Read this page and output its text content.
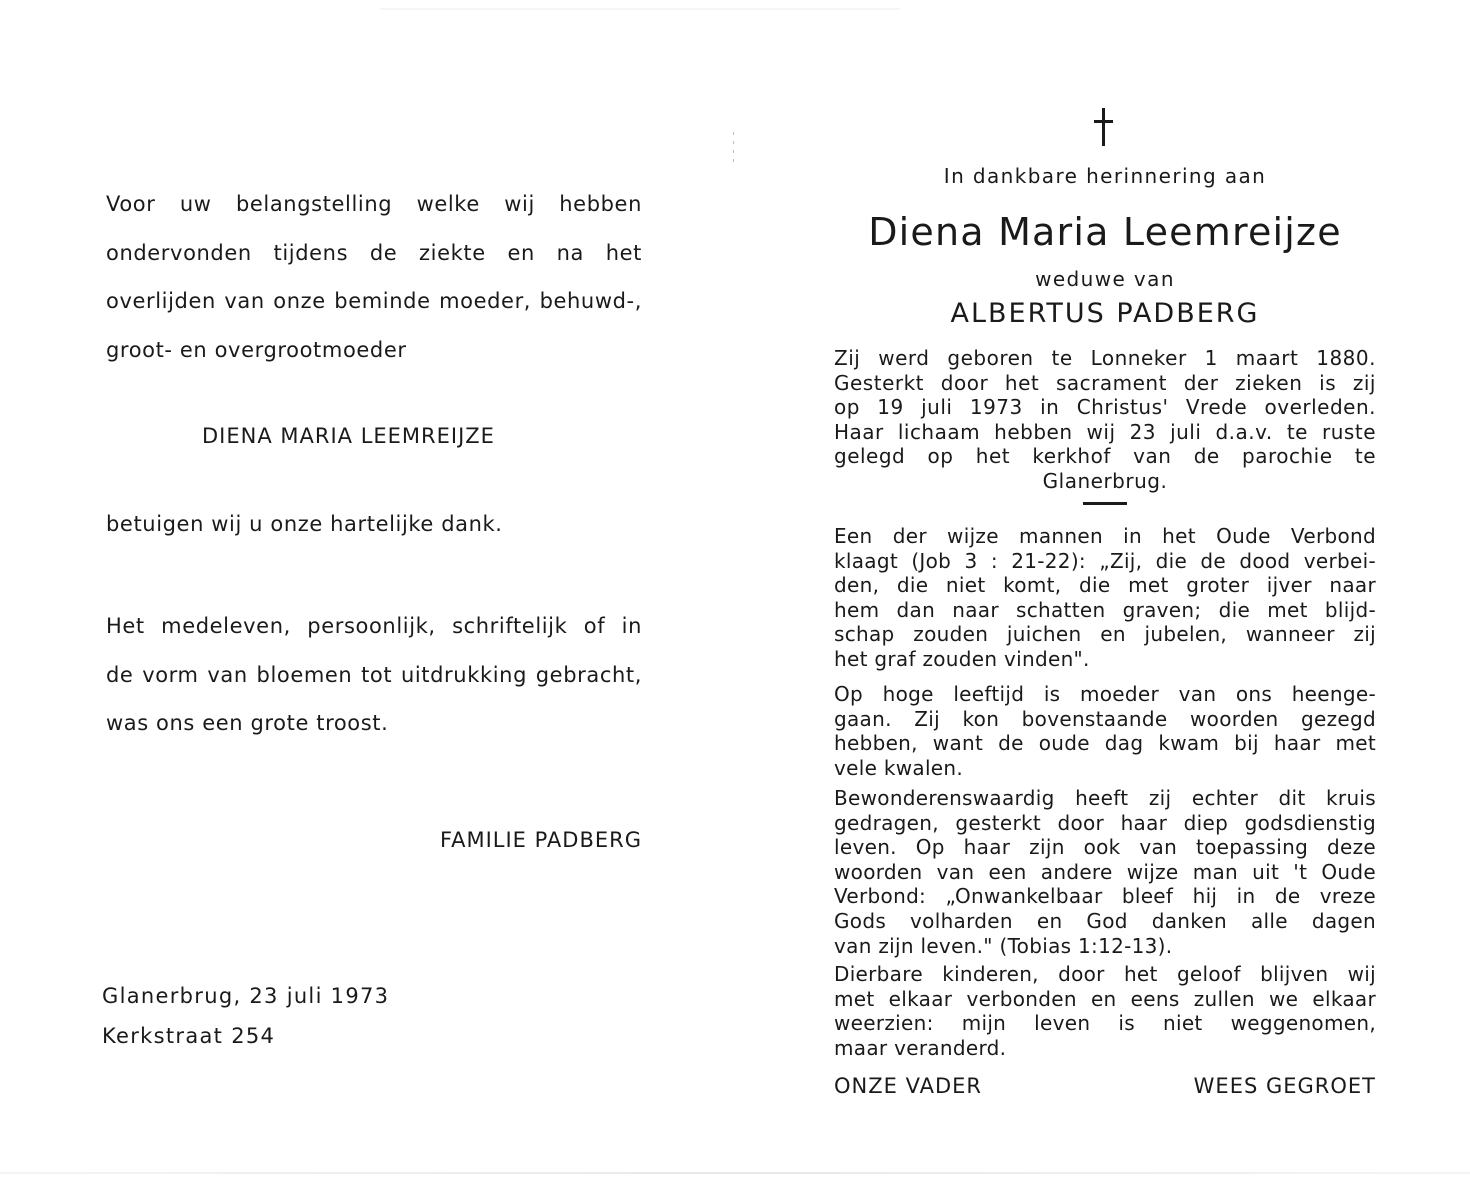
Voor uw belangstelling welke wij hebben
ondervonden tijdens de ziekte en na het
overlijden van onze beminde moeder, behuwd-,
groot- en overgrootmoeder
DIENA MARIA LEEMREIJZE
betuigen wij u onze hartelijke dank.
Het medeleven, persoonlijk, schriftelijk of in
de vorm van bloemen tot uitdrukking gebracht,
was ons een grote troost.
FAMILIE PADBERG
Glanerbrug, 23 juli 1973
Kerkstraat 254
In dankbare herinnering aan
Diena Maria Leemreijze
weduwe van
ALBERTUS PADBERG
Zij werd geboren te Lonneker 1 maart 1880.
Gesterkt door het sacrament der zieken is zij
op 19 juli 1973 in Christus' Vrede overleden.
Haar lichaam hebben wij 23 juli d.a.v. te ruste
gelegd op het kerkhof van de parochie te
Glanerbrug.
Een der wijze mannen in het Oude Verbond
klaagt (Job 3 : 21-22): „Zij, die de dood verbei-
den, die niet komt, die met groter ijver naar
hem dan naar schatten graven; die met blijd-
schap zouden juichen en jubelen, wanneer zij
het graf zouden vinden".
Op hoge leeftijd is moeder van ons heenge-
gaan. Zij kon bovenstaande woorden gezegd
hebben, want de oude dag kwam bij haar met
vele kwalen.
Bewonderenswaardig heeft zij echter dit kruis
gedragen, gesterkt door haar diep godsdienstig
leven. Op haar zijn ook van toepassing deze
woorden van een andere wijze man uit 't Oude
Verbond: „Onwankelbaar bleef hij in de vreze
Gods volharden en God danken alle dagen
van zijn leven." (Tobias 1:12-13).
Dierbare kinderen, door het geloof blijven wij
met elkaar verbonden en eens zullen we elkaar
weerzien: mijn leven is niet weggenomen,
maar veranderd.
ONZE VADER	WEES GEGROET
